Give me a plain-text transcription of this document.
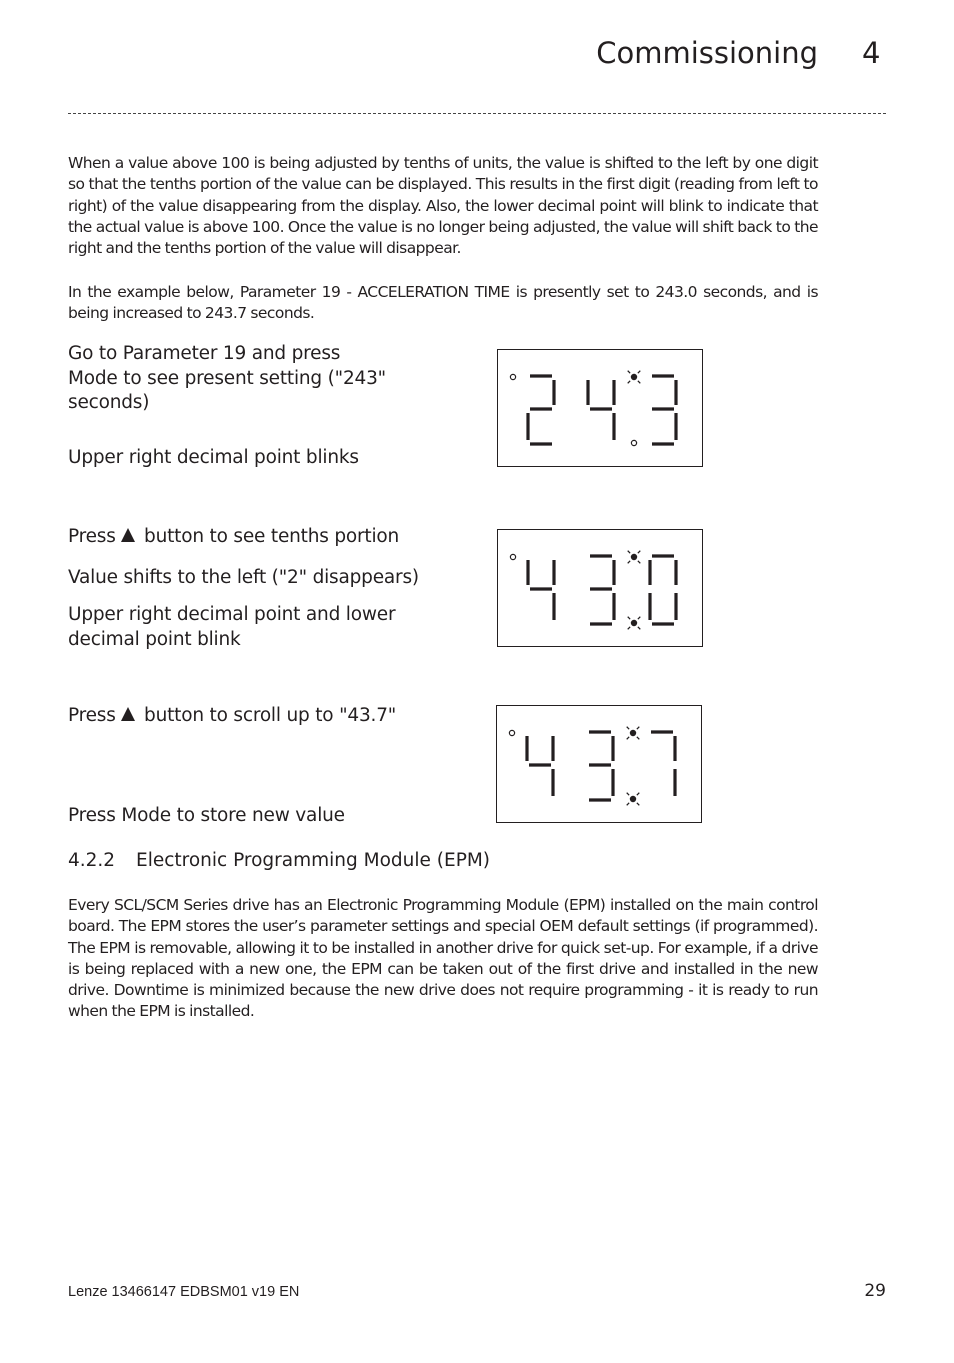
Commissioning 4
When a value above 100 is being adjusted by tenths of units, the value is shifted to the left by one digit so that the tenths portion of the value can be displayed. This results in the first digit (reading from left to right) of the value disappearing from the display. Also, the lower decimal point will blink to indicate that the actual value is above 100. Once the value is no longer being adjusted, the value will shift back to the right and the tenths portion of the value will disappear.
In the example below, Parameter 19 - ACCELERATION TIME is presently set to 243.0 seconds, and is being increased to 243.7 seconds.
Go to Parameter 19 and press
Mode to see present setting ("243" seconds)
Upper right decimal point blinks
Press  button to see tenths portion
Value shifts to the left ("2" disappears)
Upper right decimal point and lower decimal point blink
Press  button to scroll up to "43.7"
Press Mode to store new value
4.2.2 Electronic Programming Module (EPM)
Every SCL/SCM Series drive has an Electronic Programming Module (EPM) installed on the main control board. The EPM stores the user’s parameter settings and special OEM default settings (if programmed). The EPM is removable, allowing it to be installed in another drive for quick set-up. For example, if a drive is being replaced with a new one, the EPM can be taken out of the first drive and installed in the new drive. Downtime is minimized because the new drive does not require programming - it is ready to run when the EPM is installed.
Lenze 13466147 EDBSM01 v19 EN	29
